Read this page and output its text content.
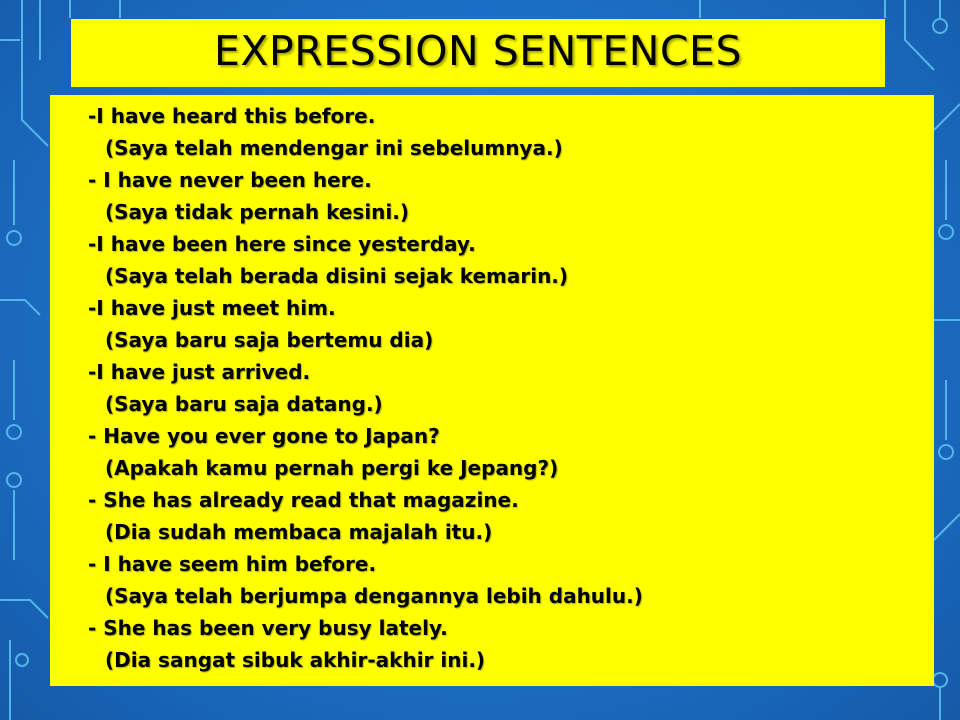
EXPRESSION SENTENCES
-I have heard this before.
(Saya telah mendengar ini sebelumnya.)
- I have never been here.
(Saya tidak pernah kesini.)
-I have been here since yesterday.
(Saya telah berada disini sejak kemarin.)
-I have just meet him.
(Saya baru saja bertemu dia)
-I have just arrived.
(Saya baru saja datang.)
- Have you ever gone to Japan?
(Apakah kamu pernah pergi ke Jepang?)
- She has already read that magazine.
(Dia sudah membaca majalah itu.)
- I have seem him before.
(Saya telah berjumpa dengannya lebih dahulu.)
- She has been very busy lately.
(Dia sangat sibuk akhir-akhir ini.)
